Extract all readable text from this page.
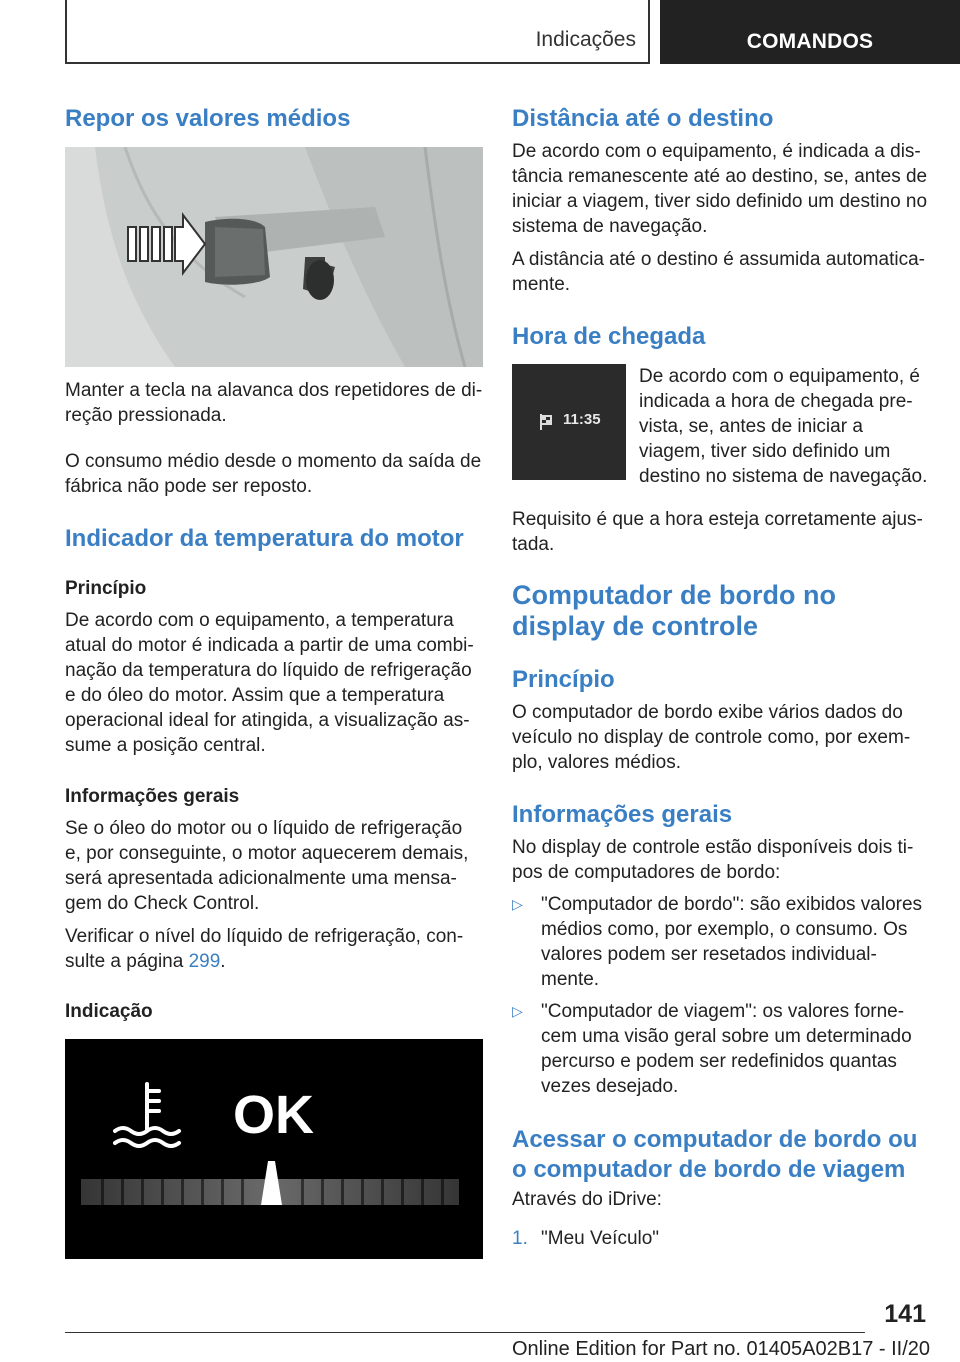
Indicações	COMANDOS
Repor os valores médios

Manter a tecla na alavanca dos repetidores de di-reção pressionada.

O consumo médio desde o momento da saída de fábrica não pode ser reposto.

Indicador da temperatura do motor
Princípio

De acordo com o equipamento, a temperatura atual do motor é indicada a partir de uma combi-nação da temperatura do líquido de refrigeração e do óleo do motor. Assim que a temperatura operacional ideal for atingida, a visualização as-sume a posição central.

Informações gerais

Se o óleo do motor ou o líquido de refrigeração e, por conseguinte, o motor aquecerem demais, será apresentada adicionalmente uma mensa-gem do Check Control.

Verificar o nível do líquido de refrigeração, con-sulte a página 299.

Indicação
OK
Distância até o destino

De acordo com o equipamento, é indicada a dis-tância remanescente até ao destino, se, antes de iniciar a viagem, tiver sido definido um destino no sistema de navegação.

A distância até o destino é assumida automatica-mente.

Hora de chegada
11:35

De acordo com o equipamento, é indicada a hora de chegada pre-vista, se, antes de iniciar a viagem, tiver sido definido um destino no sistema de navegação.

Requisito é que a hora esteja corretamente ajus-tada.

Computador de bordo no display de controle
Princípio

O computador de bordo exibe vários dados do veículo no display de controle como, por exem-plo, valores médios.

Informações gerais

No display de controle estão disponíveis dois ti-pos de computadores de bordo:

▷ "Computador de bordo": são exibidos valores médios como, por exemplo, o consumo. Os valores podem ser resetados individual-mente.
▷ "Computador de viagem": os valores forne-cem uma visão geral sobre um determinado percurso e podem ser redefinidos quantas vezes desejado.
Acessar o computador de bordo ou o computador de bordo de viagem

Através do iDrive:

1. "Meu Veículo"
141
Online Edition for Part no. 01405A02B17 - II/20
